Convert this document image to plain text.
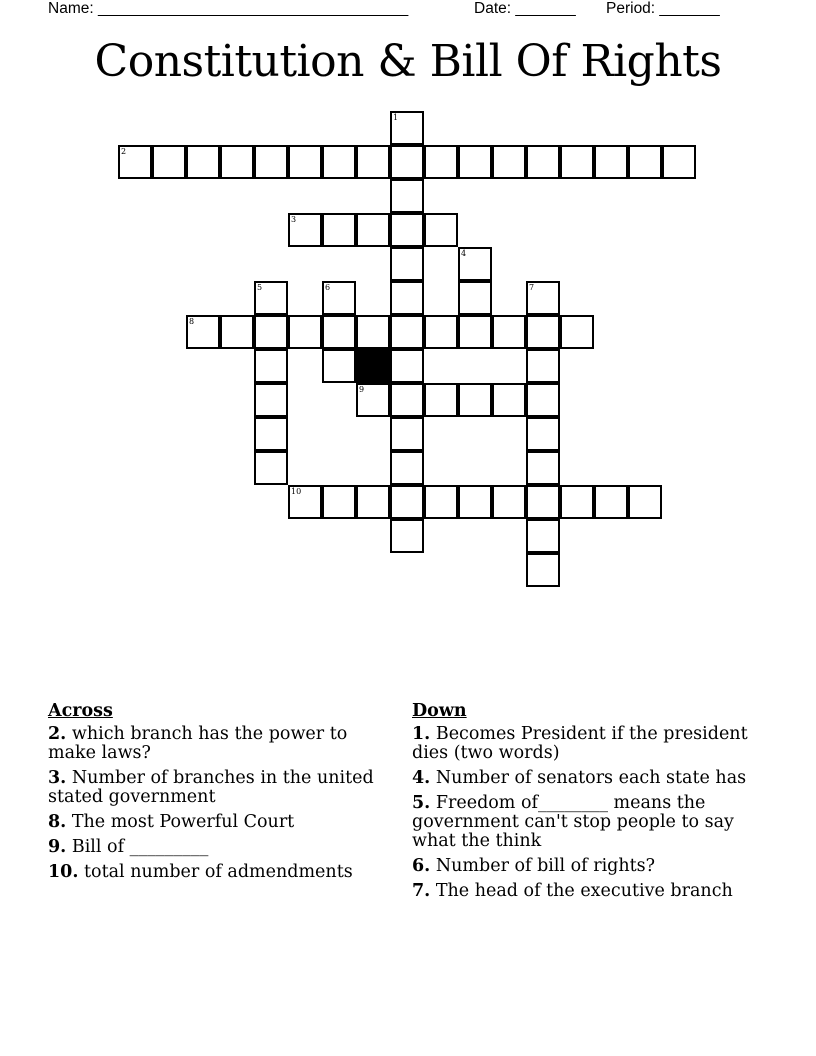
Name: ____________________________________	Date: _______ Period: _______
Constitution & Bill Of Rights
1
2
3
4
5	6	7
8
9
10
Across
2. which branch has the power to make laws?
3. Number of branches in the united stated government
8. The most Powerful Court
9. Bill of _________
10. total number of admendments
Down
1. Becomes President if the president dies (two words)
4. Number of senators each state has
5. Freedom of________ means the government can't stop people to say what the think
6. Number of bill of rights?
7. The head of the executive branch
